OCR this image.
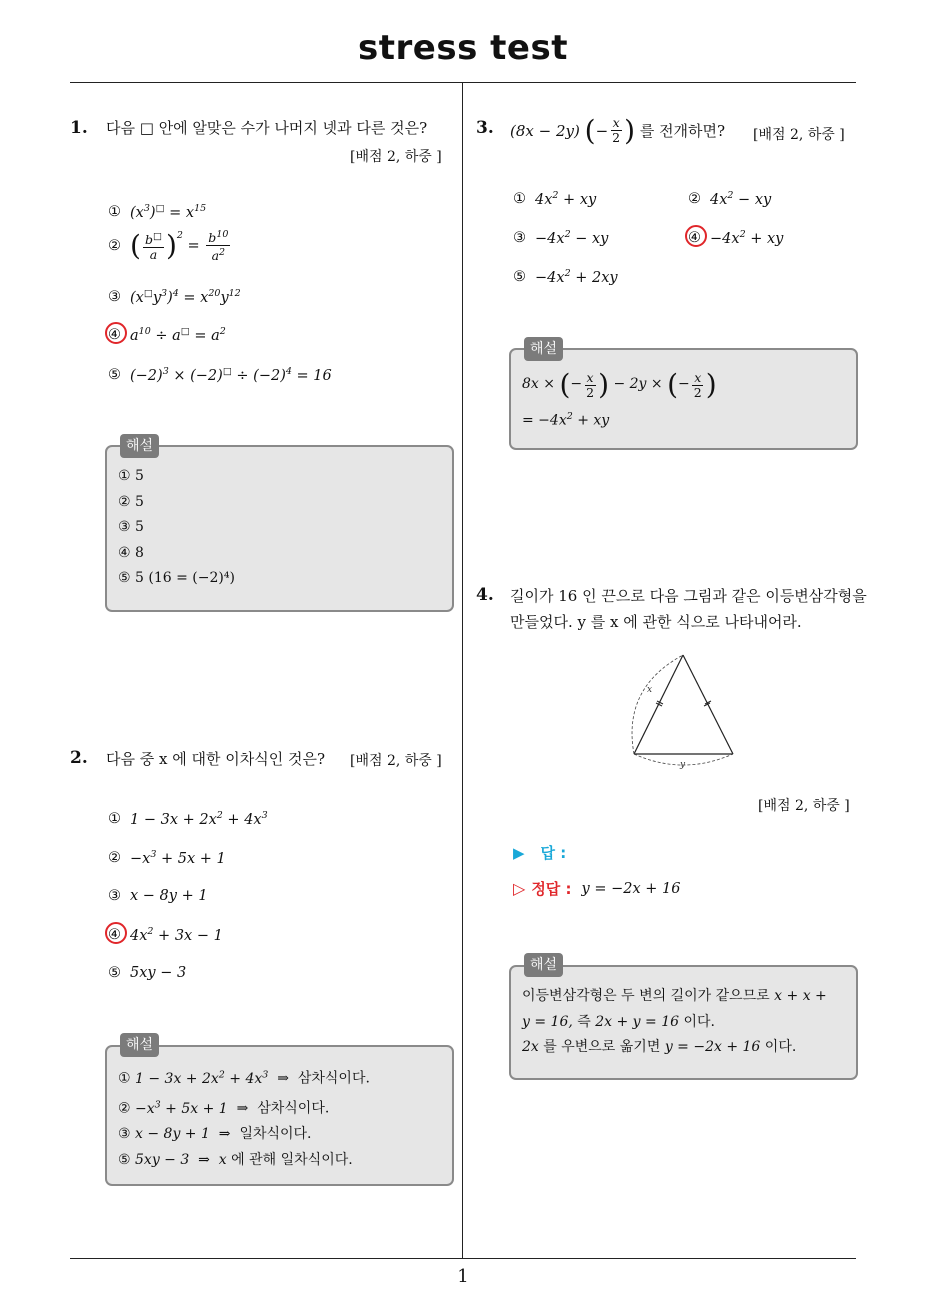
stress test
1
1. 다음 □ 안에 알맞은 수가 나머지 넷과 다른 것은?
[배점 2, 하중 ]
① $(x^3)^□ = x^{15}$
② ( $\frac{b^□}{a} )^2$
= $\frac{b^{10}}{a^2}$
③ $(x^□y^3)^4 = x^{20}y^{12}$
④ $a^{10} \div a^□ = a^2$
⑤ $(-2)^3 \times (-2)^□ \div (-2)^4 = 16$
해설
① 5
② 5
③ 5
④ 8
⑤ 5 (16 = (−2)⁴)
2. 다음 중 x 에 대한 이차식인 것은? [배점 2, 하중 ]
① $1 - 3x + 2x^2 + 4x^3$
② $-x^3 + 5x + 1$
③ x − 8y + 1
④ $4x^2 + 3x - 1$
⑤ 5xy − 3
해설
① $1 - 3x + 2x^2 + 4x^3$  ⇒  삼차식이다.
② $-x^3 + 5x + 1$  ⇒  삼차식이다.
③ x − 8y + 1  ⇒  일차식이다.
⑤ 5xy − 3  ⇒  x 에 관해 일차식이다.
3. (8x − 2y)
( − $\frac{x}{2}$ )
를 전개하면? [배점 2, 하중 ]
① $4x^2$ + xy	② $4x^2$ − xy
③ $-4x^2$ − xy	④ $-4x^2$ + xy
⑤ $-4x^2 + 2xy$
해설
8x ×
( − $\frac{x}{2}$ )
− 2y ×
( − $\frac{x}{2}$ )
= $-4x^2$ + xy
4. 길이가 16 인 끈으로 다음 그림과 같은 이등변삼각형을
만들었다. y 를 x 에 관한 식으로 나타내어라.
x
y
[배점 2, 하중 ]
▶ 답 :
▷ 정답 : y = −2x + 16
해설
이등변삼각형은 두 변의 길이가 같으므로 x + x +
y = 16, 즉 2x + y = 16 이다.
2x 를 우변으로 옮기면 y = −2x + 16 이다.
